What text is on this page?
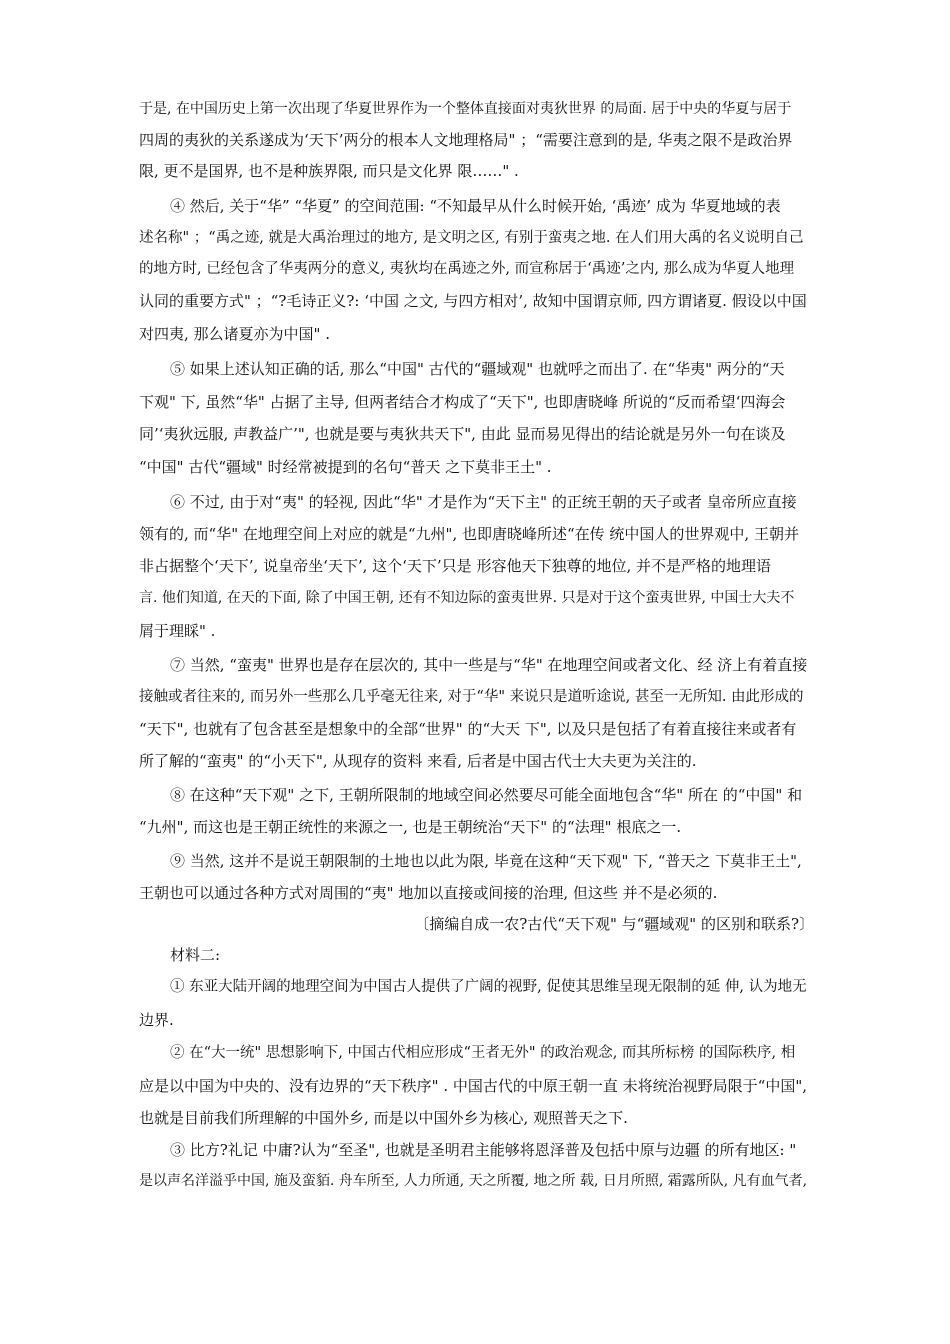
于是, 在中国历史上第一次出现了华夏世界作为一个整体直接面对夷狄世界 的局面. 居于中央的华夏与居于
四周的夷狄的关系遂成为‘天下’两分的根本人文地理格局" ；“需要注意到的是, 华夷之限不是政治界
限, 更不是国界, 也不是种族界限, 而只是文化界 限……" .
④ 然后, 关于“华” “华夏” 的空间范围: “不知最早从什么时候开始, ‘禹迹’ 成为 华夏地域的表
述名称" ；“禹之迹, 就是大禹治理过的地方, 是文明之区, 有别于蛮夷之地. 在人们用大禹的名义说明自己
的地方时, 已经包含了华夷两分的意义, 夷狄均在禹迹之外, 而宣称居于‘禹迹’之内, 那么成为华夏人地理
认同的重要方式" ；“?毛诗正义?: ‘中国 之文, 与四方相对’, 故知中国谓京师, 四方谓诸夏. 假设以中国
对四夷, 那么诸夏亦为中国" .
⑤ 如果上述认知正确的话, 那么“中国" 古代的“疆域观" 也就呼之而出了. 在“华夷" 两分的“天
下观" 下, 虽然“华" 占据了主导, 但两者结合才构成了“天下", 也即唐晓峰 所说的“反而希望‘四海会
同’‘夷狄远服, 声教益广’", 也就是要与夷狄共天下", 由此 显而易见得出的结论就是另外一句在谈及
“中国" 古代“疆域" 时经常被提到的名句“普天 之下莫非王土" .
⑥ 不过, 由于对“夷" 的轻视, 因此“华" 才是作为“天下主" 的正统王朝的天子或者 皇帝所应直接
领有的, 而“华" 在地理空间上对应的就是“九州", 也即唐晓峰所述“在传 统中国人的世界观中, 王朝并
非占据整个‘天下’, 说皇帝坐‘天下’, 这个‘天下’只是 形容他天下独尊的地位, 并不是严格的地理语
言. 他们知道, 在天的下面, 除了中国王朝, 还有不知边际的蛮夷世界. 只是对于这个蛮夷世界, 中国士大夫不
屑于理睬" .
⑦ 当然, “蛮夷" 世界也是存在层次的, 其中一些是与“华" 在地理空间或者文化、经 济上有着直接
接触或者往来的, 而另外一些那么几乎毫无往来, 对于“华" 来说只是道听途说, 甚至一无所知. 由此形成的
“天下", 也就有了包含甚至是想象中的全部“世界" 的“大天 下", 以及只是包括了有着直接往来或者有
所了解的“蛮夷" 的“小天下", 从现存的资料 来看, 后者是中国古代士大夫更为关注的.
⑧ 在这种“天下观" 之下, 王朝所限制的地域空间必然要尽可能全面地包含“华" 所在 的“中国" 和
“九州", 而这也是王朝正统性的来源之一, 也是王朝统治“天下" 的“法理" 根底之一.
⑨ 当然, 这并不是说王朝限制的土地也以此为限, 毕竟在这种“天下观" 下, “普天之 下莫非王土",
王朝也可以通过各种方式对周围的“夷" 地加以直接或间接的治理, 但这些 并不是必须的.
〔摘编自成一农?古代“天下观" 与“疆域观" 的区别和联系?〕
材料二:
① 东亚大陆开阔的地理空间为中国古人提供了广阔的视野, 促使其思维呈现无限制的延 伸, 认为地无
边界.
② 在“大一统" 思想影响下, 中国古代相应形成“王者无外" 的政治观念, 而其所标榜 的国际秩序, 相
应是以中国为中央的、没有边界的“天下秩序" . 中国古代的中原王朝一直 未将统治视野局限于“中国",
也就是目前我们所理解的中国外乡, 而是以中国外乡为核心, 观照普天之下.
③ 比方?礼记 中庸?认为“至圣", 也就是圣明君主能够将恩泽普及包括中原与边疆 的所有地区: "
是以声名洋溢乎中国, 施及蛮貊. 舟车所至, 人力所通, 天之所覆, 地之所 载, 日月所照, 霜露所队, 凡有血气者,
